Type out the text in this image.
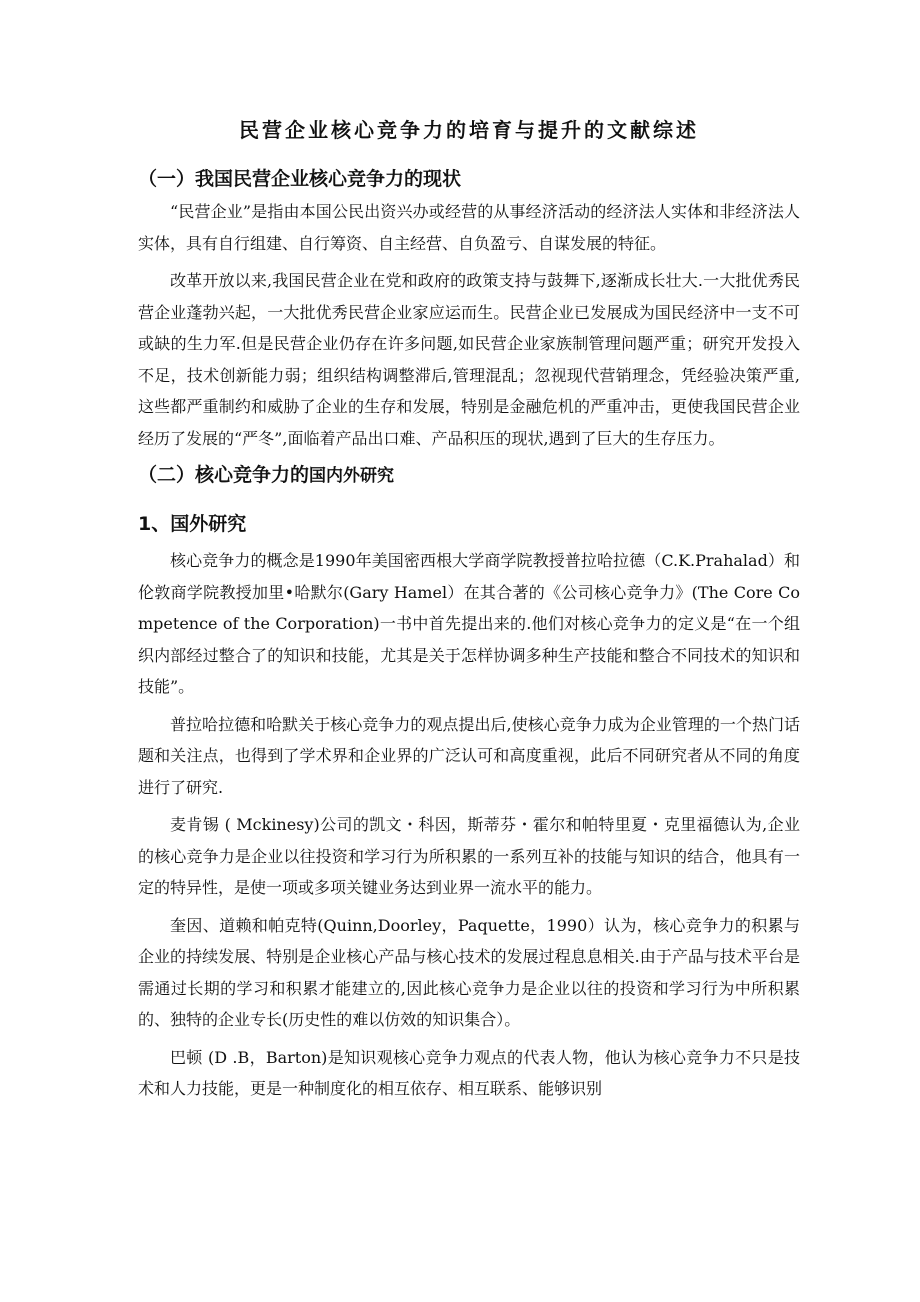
民营企业核心竞争力的培育与提升的文献综述
（一）我国民营企业核心竞争力的现状

“民营企业”是指由本国公民出资兴办或经营的从事经济活动的经济法人实体和非经济法人实体，具有自行组建、自行筹资、自主经营、自负盈亏、自谋发展的特征。

改革开放以来,我国民营企业在党和政府的政策支持与鼓舞下,逐渐成长壮大.一大批优秀民营企业蓬勃兴起，一大批优秀民营企业家应运而生。民营企业已发展成为国民经济中一支不可或缺的生力军.但是民营企业仍存在许多问题,如民营企业家族制管理问题严重；研究开发投入不足，技术创新能力弱；组织结构调整滞后,管理混乱；忽视现代营销理念，凭经验决策严重,这些都严重制约和威胁了企业的生存和发展，特别是金融危机的严重冲击，更使我国民营企业经历了发展的“严冬”,面临着产品出口难、产品积压的现状,遇到了巨大的生存压力。

（二）核心竞争力的国内外研究
1、国外研究

核心竞争力的概念是1990年美国密西根大学商学院教授普拉哈拉德（C.K.Prahalad）和伦敦商学院教授加里•哈默尔(Gary Hamel）在其合著的《公司核心竞争力》(The Core Competence of the Corporation)一书中首先提出来的.他们对核心竞争力的定义是“在一个组织内部经过整合了的知识和技能，尤其是关于怎样协调多种生产技能和整合不同技术的知识和技能”。

普拉哈拉德和哈默关于核心竞争力的观点提出后,使核心竞争力成为企业管理的一个热门话题和关注点，也得到了学术界和企业界的广泛认可和高度重视，此后不同研究者从不同的角度进行了研究.

麦肯锡 ( Mckinesy)公司的凯文・科因，斯蒂芬・霍尔和帕特里夏・克里福德认为,企业的核心竞争力是企业以往投资和学习行为所积累的一系列互补的技能与知识的结合，他具有一定的特异性，是使一项或多项关键业务达到业界一流水平的能力。

奎因、道赖和帕克特(Quinn,Doorley，Paquette，1990）认为，核心竞争力的积累与企业的持续发展、特别是企业核心产品与核心技术的发展过程息息相关.由于产品与技术平台是需通过长期的学习和积累才能建立的,因此核心竞争力是企业以往的投资和学习行为中所积累的、独特的企业专长(历史性的难以仿效的知识集合）。

巴顿 (D .B，Barton)是知识观核心竞争力观点的代表人物，他认为核心竞争力不只是技术和人力技能，更是一种制度化的相互依存、相互联系、能够识别
